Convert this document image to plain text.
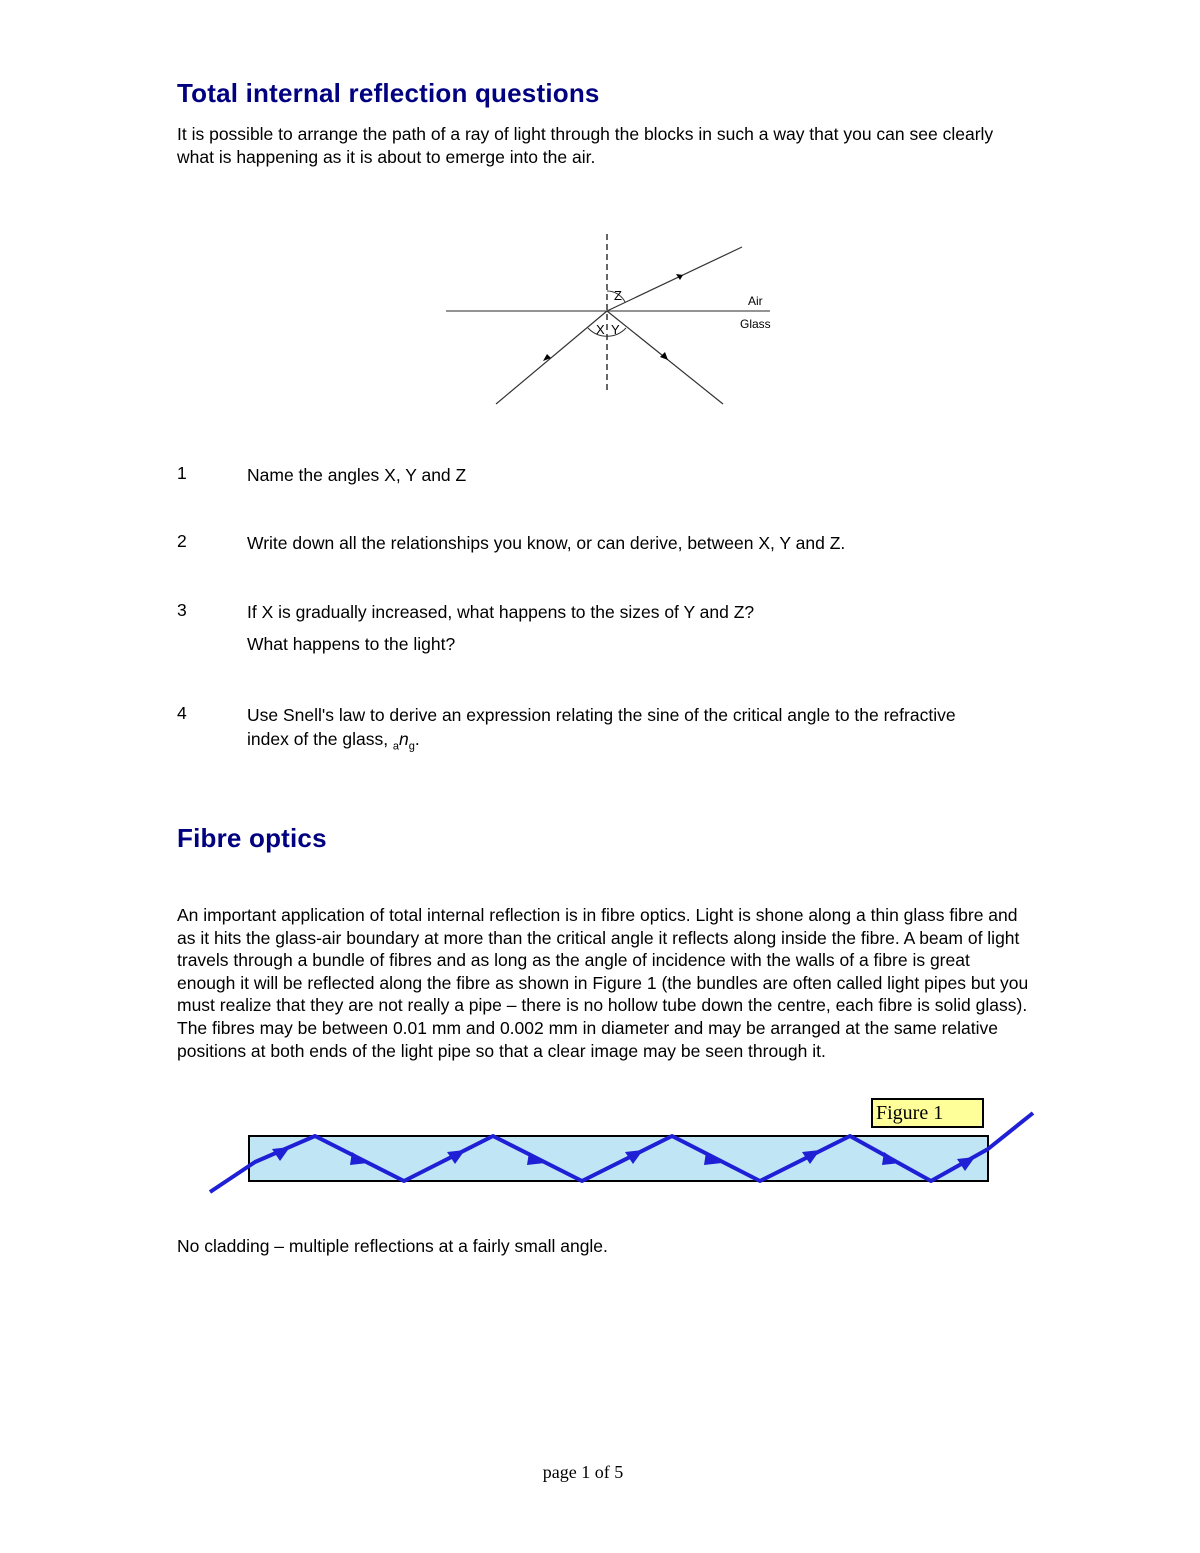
Total internal reflection questions
It is possible to arrange the path of a ray of light through the blocks in such a way that you can see clearly what is happening as it is about to emerge into the air.
Z
X Y
Air
Glass
1	Name the angles X, Y and Z
2	Write down all the relationships you know, or can derive, between X, Y and Z.
3	If X is gradually increased, what happens to the sizes of Y and Z?
What happens to the light?
4	Use Snell's law to derive an expression relating the sine of the critical angle to the refractive index of the glass, $_an_g$.
Fibre optics
An important application of total internal reflection is in fibre optics. Light is shone along a thin glass fibre and as it hits the glass-air boundary at more than the critical angle it reflects along inside the fibre. A beam of light travels through a bundle of fibres and as long as the angle of incidence with the walls of a fibre is great enough it will be reflected along the fibre as shown in Figure 1 (the bundles are often called light pipes but you must realize that they are not really a pipe – there is no hollow tube down the centre, each fibre is solid glass). The fibres may be between 0.01 mm and 0.002 mm in diameter and may be arranged at the same relative positions at both ends of the light pipe so that a clear image may be seen through it.
Figure 1
No cladding – multiple reflections at a fairly small angle.
page 1 of 5
